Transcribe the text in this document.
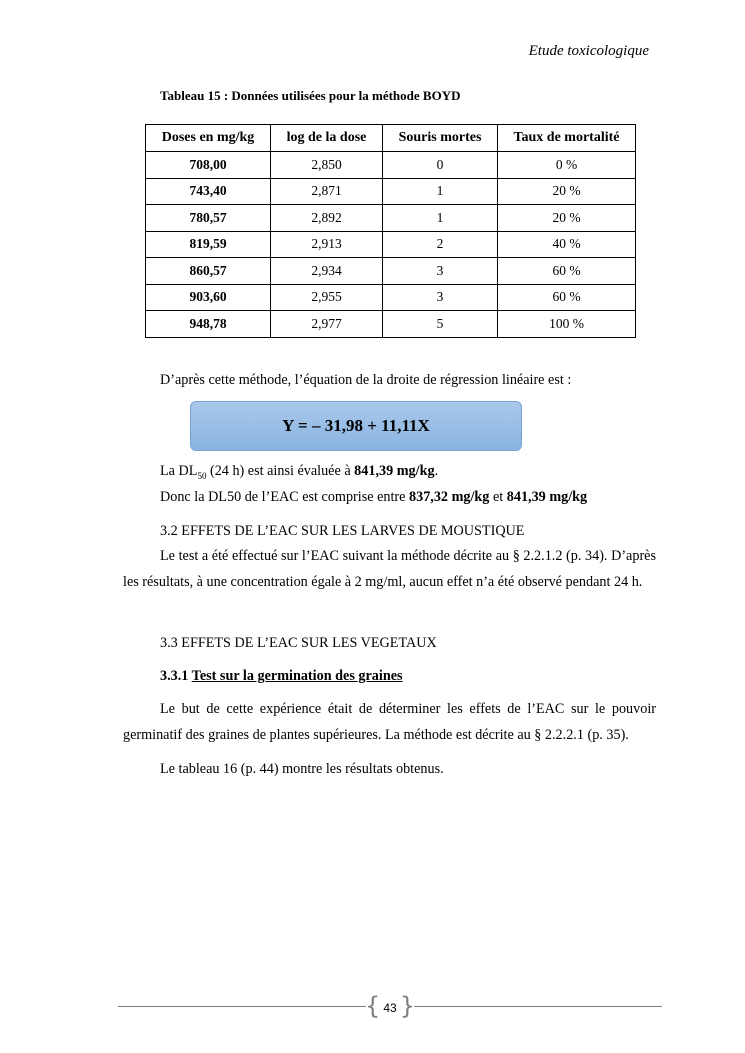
Etude toxicologique
Tableau 15 : Données utilisées pour la méthode BOYD
Doses en mg/kg	log de la dose	Souris mortes	Taux de mortalité
708,00	2,850	0	0 %
743,40	2,871	1	20 %
780,57	2,892	1	20 %
819,59	2,913	2	40 %
860,57	2,934	3	60 %
903,60	2,955	3	60 %
948,78	2,977	5	100 %
D’après cette méthode, l’équation de la droite de régression linéaire est :
Y = – 31,98 + 11,11X
La $DL_{50}$ (24 h) est ainsi évaluée à 841,39 mg/kg.
Donc la DL50 de l’EAC est comprise entre 837,32 mg/kg et 841,39 mg/kg
3.2 EFFETS DE L’EAC SUR LES LARVES DE MOUSTIQUE
Le test a été effectué sur l’EAC suivant la méthode décrite au § 2.2.1.2 (p. 34). D’après les résultats, à une concentration égale à 2 mg/ml, aucun effet n’a été observé pendant 24 h.
3.3 EFFETS DE L’EAC SUR LES VEGETAUX
3.3.1 Test sur la germination des graines
Le but de cette expérience était de déterminer les effets de l’EAC sur le pouvoir germinatif des graines de plantes supérieures. La méthode est décrite au § 2.2.2.1 (p. 35).
Le tableau 16 (p. 44) montre les résultats obtenus.
{ 43 }
